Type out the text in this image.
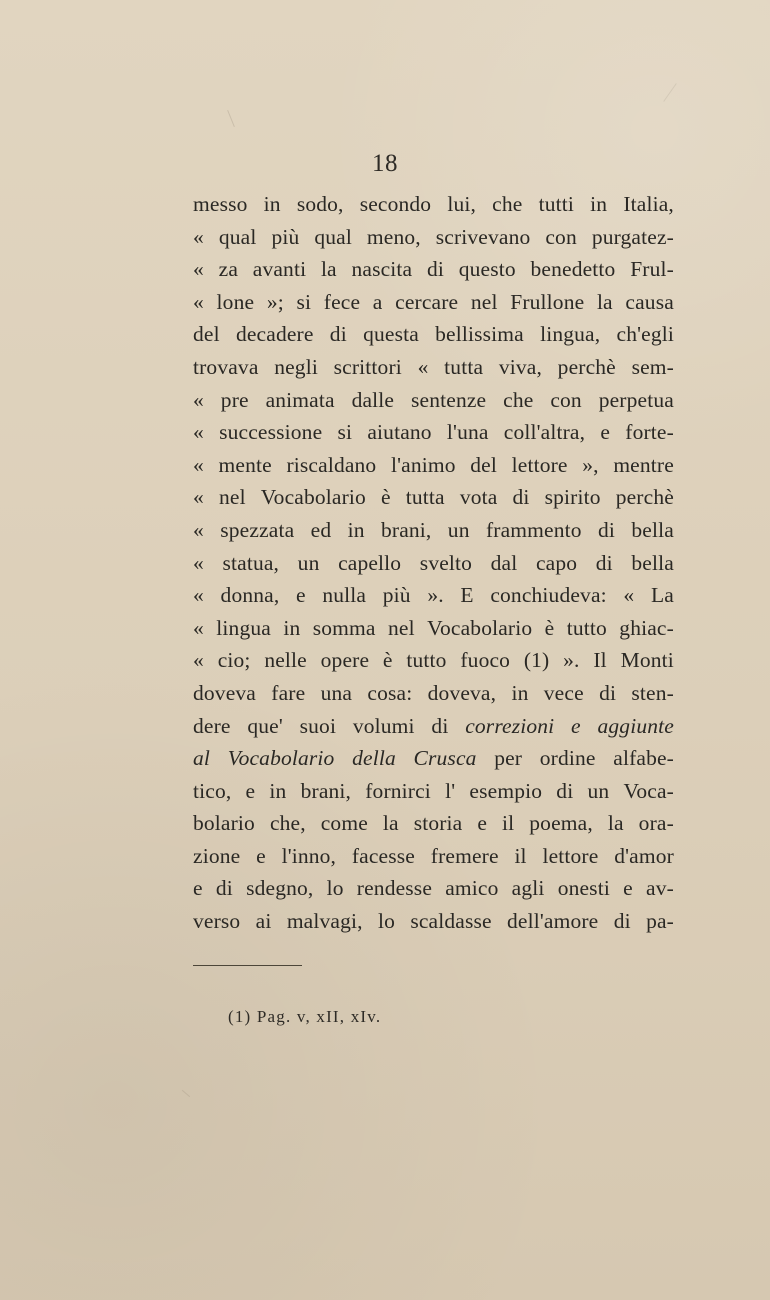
18
messo in sodo, secondo lui, che tutti in Italia,
« qual più qual meno, scrivevano con purgatez-
« za avanti la nascita di questo benedetto Frul-
« lone »; si fece a cercare nel Frullone la causa
del decadere di questa bellissima lingua, ch'egli
trovava negli scrittori « tutta viva, perchè sem-
« pre animata dalle sentenze che con perpetua
« successione si aiutano l'una coll'altra, e forte-
« mente riscaldano l'animo del lettore », mentre
« nel Vocabolario è tutta vota di spirito perchè
« spezzata ed in brani, un frammento di bella
« statua, un capello svelto dal capo di bella
« donna, e nulla più ». E conchiudeva: « La
« lingua in somma nel Vocabolario è tutto ghiac-
« cio; nelle opere è tutto fuoco (1) ». Il Monti
doveva fare una cosa: doveva, in vece di sten-
dere que' suoi volumi di correzioni e aggiunte
al Vocabolario della Crusca per ordine alfabe-
tico, e in brani, fornirci l' esempio di un Voca-
bolario che, come la storia e il poema, la ora-
zione e l'inno, facesse fremere il lettore d'amor
e di sdegno, lo rendesse amico agli onesti e av-
verso ai malvagi, lo scaldasse dell'amore di pa-
(1) Pag. v, xII, xIv.
